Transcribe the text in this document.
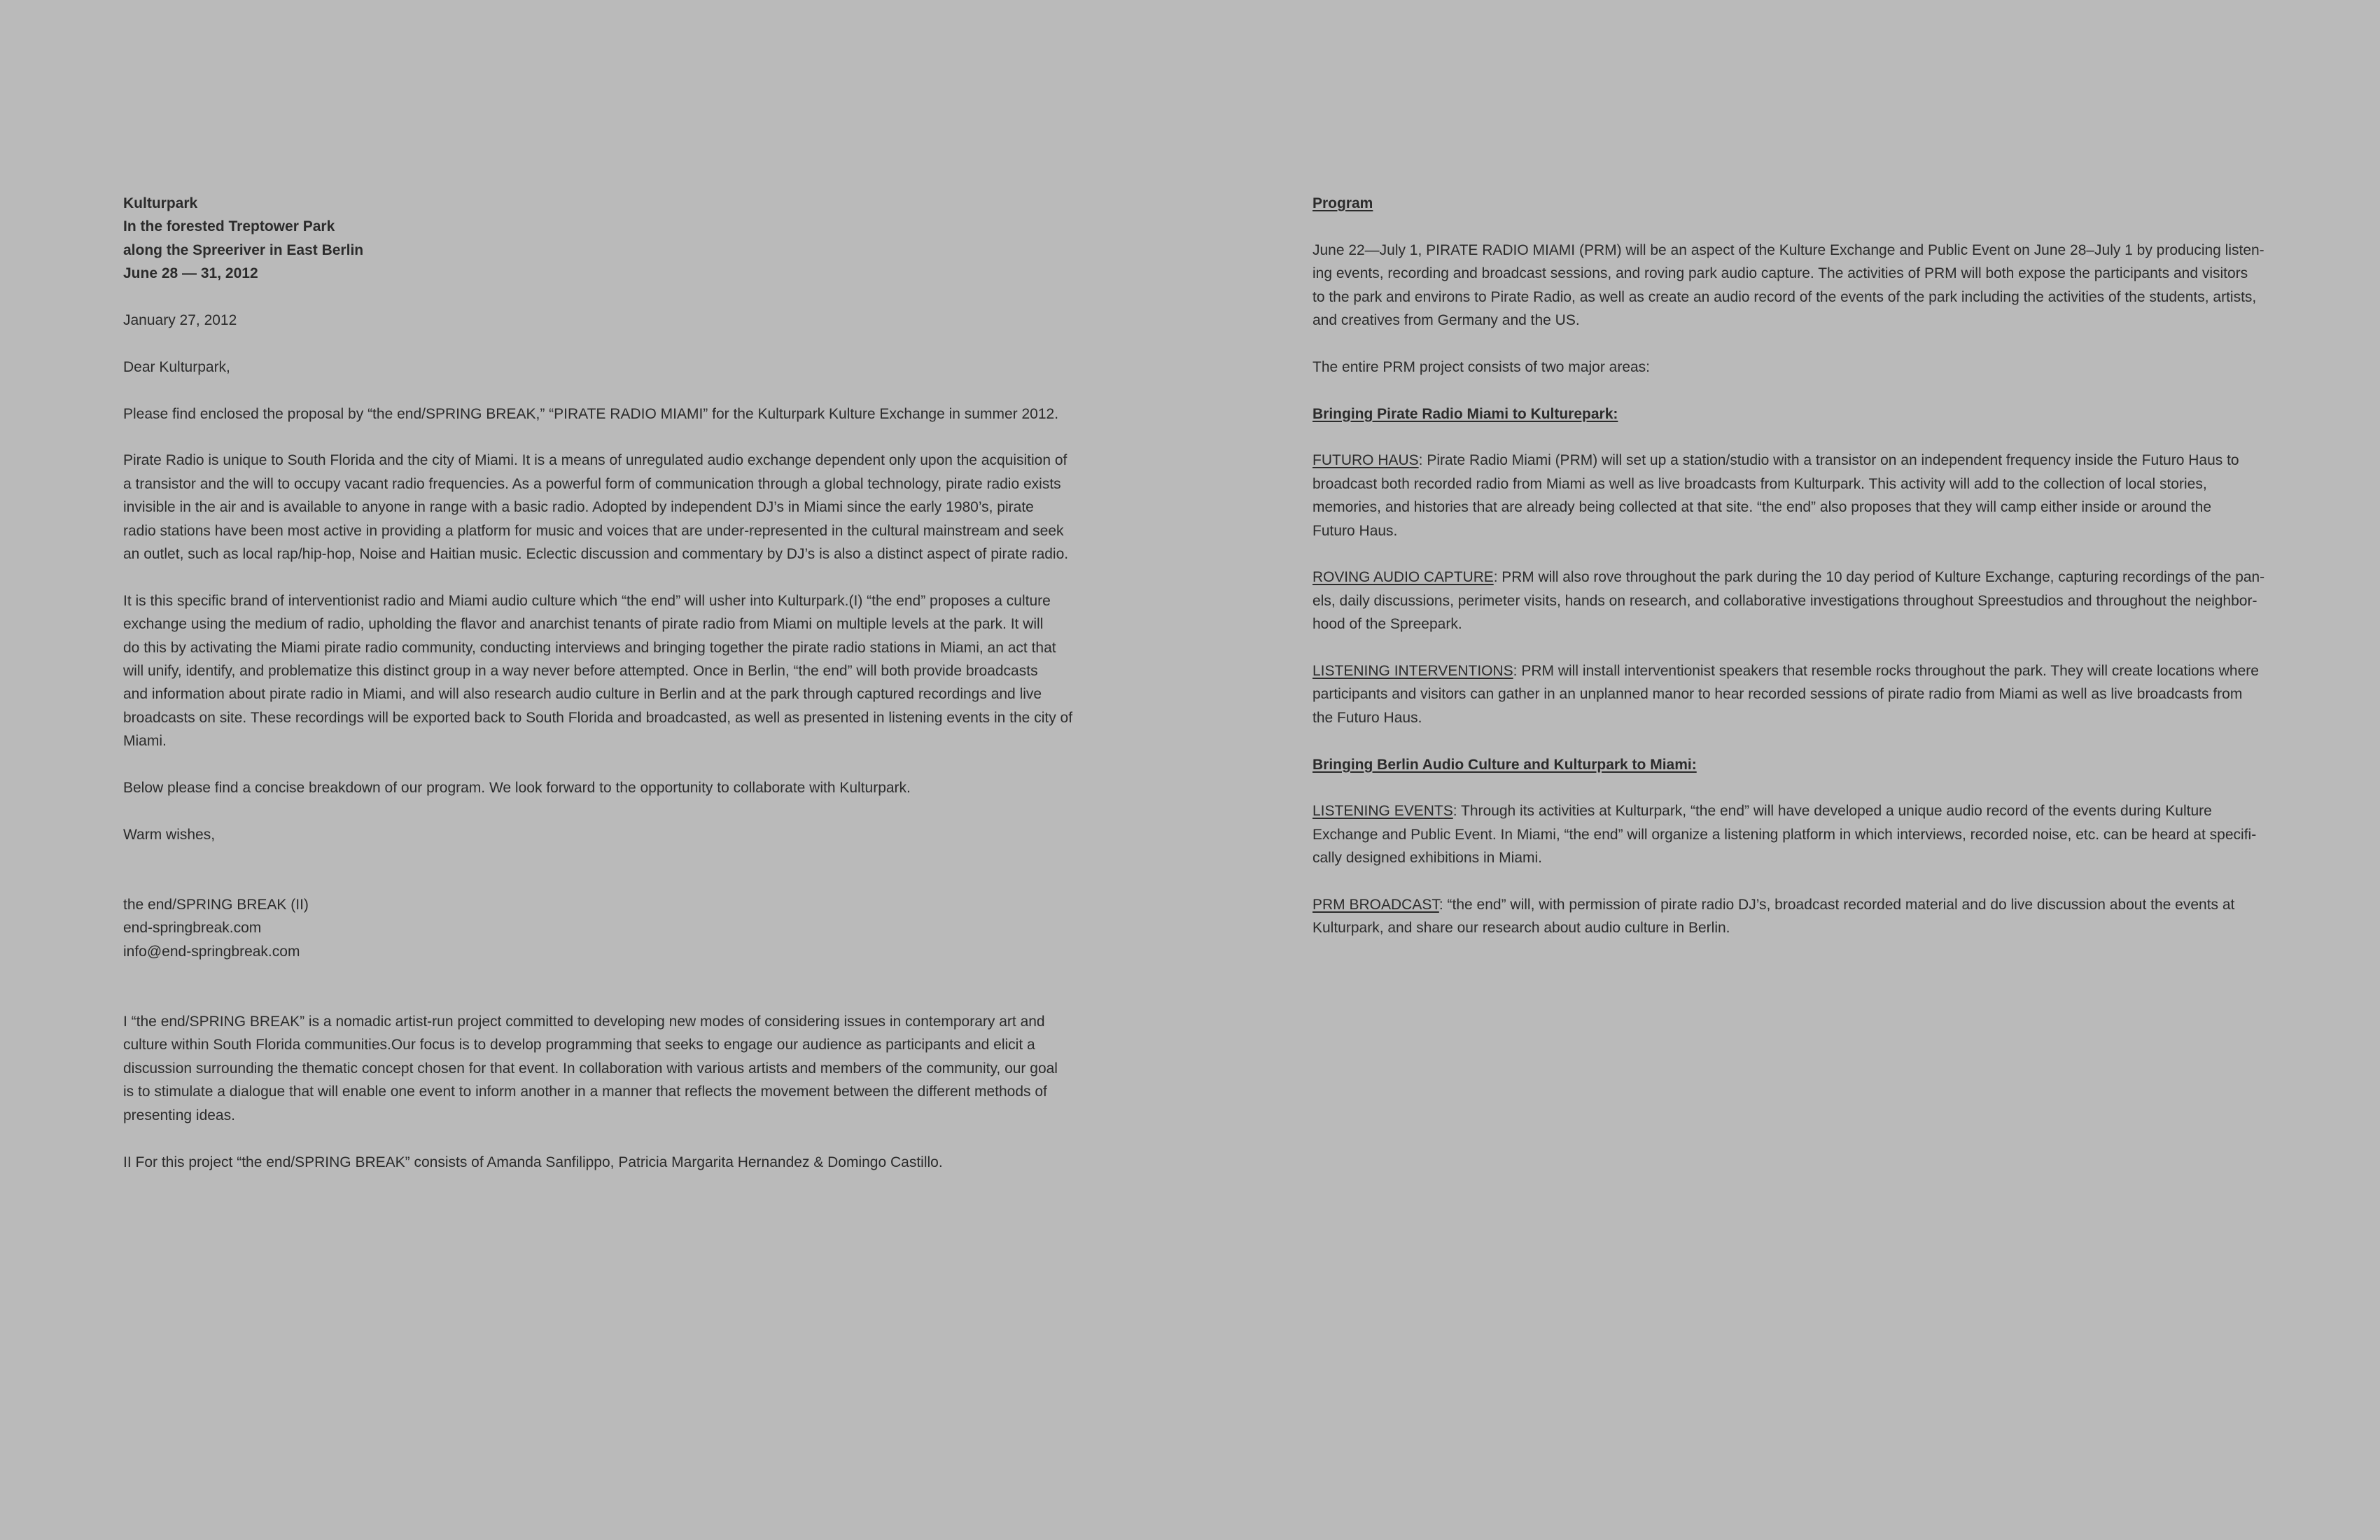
Kulturpark
In the forested Treptower Park
along the Spreeriver in East Berlin
June 28 — 31, 2012

January 27, 2012

Dear Kulturpark,

Please find enclosed the proposal by “the end/SPRING BREAK,” “PIRATE RADIO MIAMI” for the Kulturpark Kulture Exchange in summer 2012.

Pirate Radio is unique to South Florida and the city of Miami. It is a means of unregulated audio exchange dependent only upon the acquisition of
a transistor and the will to occupy vacant radio frequencies. As a powerful form of communication through a global technology, pirate radio exists
invisible in the air and is available to anyone in range with a basic radio. Adopted by independent DJ’s in Miami since the early 1980’s, pirate
radio stations have been most active in providing a platform for music and voices that are under-represented in the cultural mainstream and seek
an outlet, such as local rap/hip-hop, Noise and Haitian music. Eclectic discussion and commentary by DJ’s is also a distinct aspect of pirate radio.
It is this specific brand of interventionist radio and Miami audio culture which “the end” will usher into Kulturpark.(I) “the end” proposes a culture
exchange using the medium of radio, upholding the flavor and anarchist tenants of pirate radio from Miami on multiple levels at the park. It will
do this by activating the Miami pirate radio community, conducting interviews and bringing together the pirate radio stations in Miami, an act that
will unify, identify, and problematize this distinct group in a way never before attempted. Once in Berlin, “the end” will both provide broadcasts
and information about pirate radio in Miami, and will also research audio culture in Berlin and at the park through captured recordings and live
broadcasts on site. These recordings will be exported back to South Florida and broadcasted, as well as presented in listening events in the city of
Miami.

Below please find a concise breakdown of our program. We look forward to the opportunity to collaborate with Kulturpark.

Warm wishes,

the end/SPRING BREAK (II)
end-springbreak.com
info@end-springbreak.com
I “the end/SPRING BREAK” is a nomadic artist-run project committed to developing new modes of considering issues in contemporary art and
culture within South Florida communities.Our focus is to develop programming that seeks to engage our audience as participants and elicit a
discussion surrounding the thematic concept chosen for that event. In collaboration with various artists and members of the community, our goal
is to stimulate a dialogue that will enable one event to inform another in a manner that reflects the movement between the different methods of
presenting ideas.

II For this project “the end/SPRING BREAK” consists of Amanda Sanfilippo, Patricia Margarita Hernandez & Domingo Castillo.

Program

June 22—July 1, PIRATE RADIO MIAMI (PRM) will be an aspect of the Kulture Exchange and Public Event on June 28–July 1 by producing listen-
ing events, recording and broadcast sessions, and roving park audio capture. The activities of PRM will both expose the participants and visitors
to the park and environs to Pirate Radio, as well as create an audio record of the events of the park including the activities of the students, artists,
and creatives from Germany and the US.

The entire PRM project consists of two major areas:

Bringing Pirate Radio Miami to Kulturepark:

FUTURO HAUS: Pirate Radio Miami (PRM) will set up a station/studio with a transistor on an independent frequency inside the Futuro Haus to
broadcast both recorded radio from Miami as well as live broadcasts from Kulturpark. This activity will add to the collection of local stories,
memories, and histories that are already being collected at that site. “the end” also proposes that they will camp either inside or around the
Futuro Haus.
ROVING AUDIO CAPTURE: PRM will also rove throughout the park during the 10 day period of Kulture Exchange, capturing recordings of the pan-
els, daily discussions, perimeter visits, hands on research, and collaborative investigations throughout Spreestudios and throughout the neighbor-
hood of the Spreepark.
LISTENING INTERVENTIONS: PRM will install interventionist speakers that resemble rocks throughout the park. They will create locations where
participants and visitors can gather in an unplanned manor to hear recorded sessions of pirate radio from Miami as well as live broadcasts from
the Futuro Haus.

Bringing Berlin Audio Culture and Kulturpark to Miami:

LISTENING EVENTS: Through its activities at Kulturpark, “the end” will have developed a unique audio record of the events during Kulture
Exchange and Public Event. In Miami, “the end” will organize a listening platform in which interviews, recorded noise, etc. can be heard at specifi-
cally designed exhibitions in Miami.
PRM BROADCAST: “the end” will, with permission of pirate radio DJ’s, broadcast recorded material and do live discussion about the events at
Kulturpark, and share our research about audio culture in Berlin.
